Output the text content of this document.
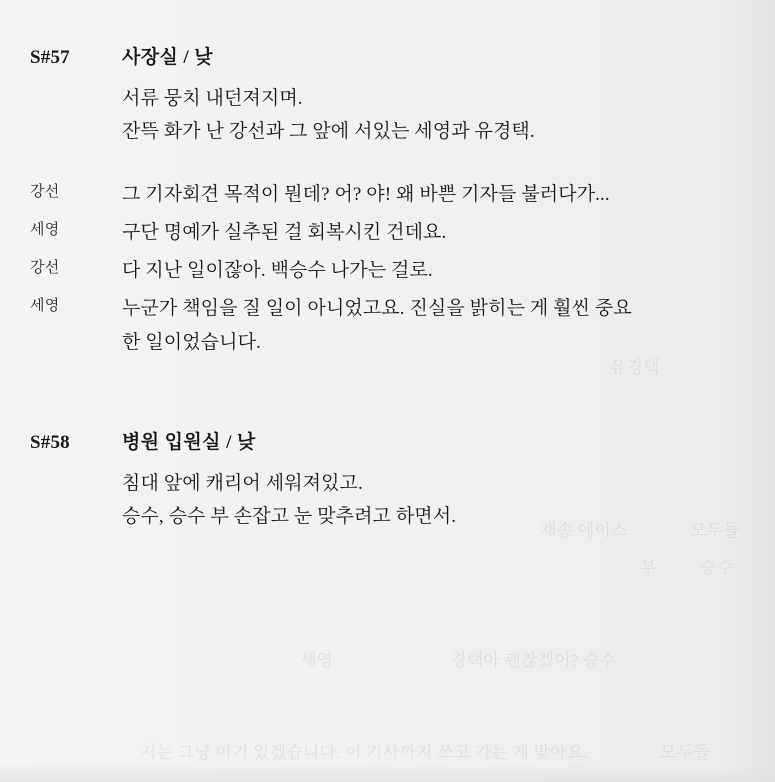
유경택
모두들
재송 에이스
승수
부
세영	경택아 괜찮겠어? 승수
저는 그냥 여기 있겠습니다. 이 기사까지 쓰고 가는 게 맞아요.	모두들
S#57	사장실 / 낮
서류 뭉치 내던져지며.
잔뜩 화가 난 강선과 그 앞에 서있는 세영과 유경택.
강선	그 기자회견 목적이 뭔데? 어? 야! 왜 바쁜 기자들 불러다가...
세영	구단 명예가 실추된 걸 회복시킨 건데요.
강선	다 지난 일이잖아. 백승수 나가는 걸로.
세영	누군가 책임을 질 일이 아니었고요. 진실을 밝히는 게 훨씬 중요
한 일이었습니다.
S#58	병원 입원실 / 낮
침대 앞에 캐리어 세워져있고.
승수, 승수 부 손잡고 눈 맞추려고 하면서.
